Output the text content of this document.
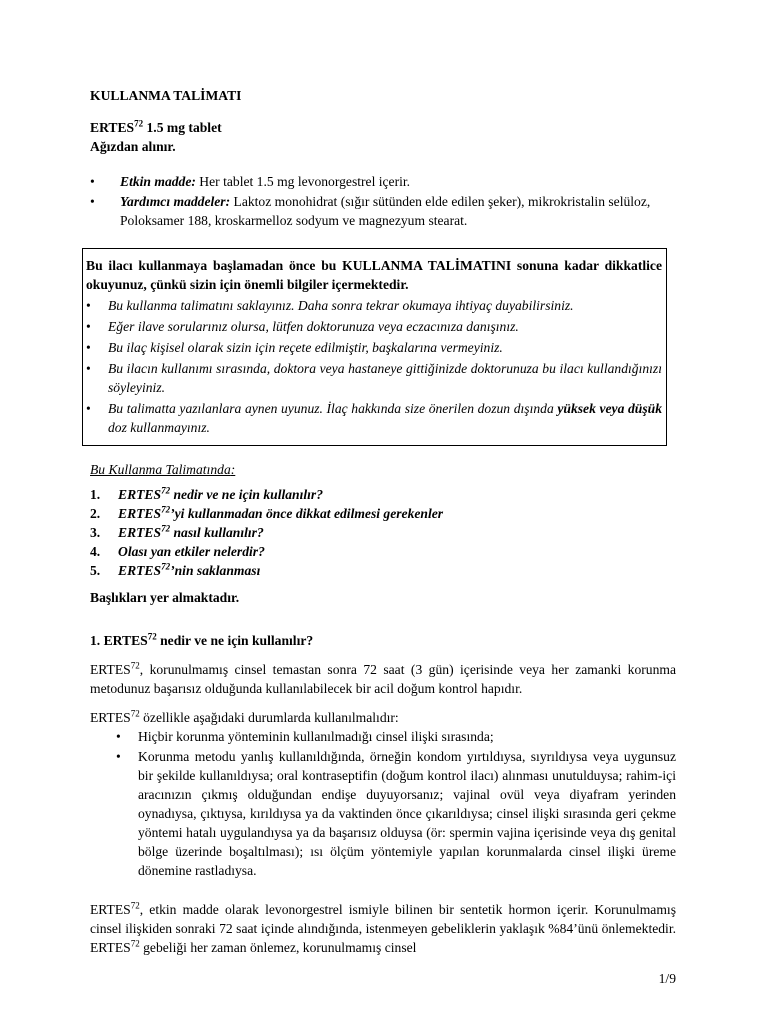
KULLANMA TALİMATI
ERTES$^{72}$ 1.5 mg tablet
Ağızdan alınır.
• Etkin madde: Her tablet 1.5 mg levonorgestrel içerir.
• Yardımcı maddeler: Laktoz monohidrat (sığır sütünden elde edilen şeker), mikrokristalin selüloz, Poloksamer 188, kroskarmelloz sodyum ve magnezyum stearat.
Bu ilacı kullanmaya başlamadan önce bu KULLANMA TALİMATINI sonuna kadar dikkatlice okuyunuz, çünkü sizin için önemli bilgiler içermektedir.
• Bu kullanma talimatını saklayınız. Daha sonra tekrar okumaya ihtiyaç duyabilirsiniz.
• Eğer ilave sorularınız olursa, lütfen doktorunuza veya eczacınıza danışınız.
• Bu ilaç kişisel olarak sizin için reçete edilmiştir, başkalarına vermeyiniz.
• Bu ilacın kullanımı sırasında, doktora veya hastaneye gittiğinizde doktorunuza bu ilacı kullandığınızı söyleyiniz.
• Bu talimatta yazılanlara aynen uyunuz. İlaç hakkında size önerilen dozun dışında yüksek veya düşük doz kullanmayınız.
Bu Kullanma Talimatında:
1. ERTES$^{72}$ nedir ve ne için kullanılır?
2. ERTES$^{72}$’yi kullanmadan önce dikkat edilmesi gerekenler
3. ERTES$^{72}$ nasıl kullanılır?
4. Olası yan etkiler nelerdir?
5. ERTES$^{72}$’nin saklanması
Başlıkları yer almaktadır.
1. ERTES$^{72}$ nedir ve ne için kullanılır?
ERTES$^{72}$, korunulmamış cinsel temastan sonra 72 saat (3 gün) içerisinde veya her zamanki korunma metodunuz başarısız olduğunda kullanılabilecek bir acil doğum kontrol hapıdır.
ERTES$^{72}$ özellikle aşağıdaki durumlarda kullanılmalıdır:
• Hiçbir korunma yönteminin kullanılmadığı cinsel ilişki sırasında;
• Korunma metodu yanlış kullanıldığında, örneğin kondom yırtıldıysa, sıyrıldıysa veya uygunsuz bir şekilde kullanıldıysa; oral kontraseptifin (doğum kontrol ilacı) alınması unutulduysa; rahim-içi aracınızın çıkmış olduğundan endişe duyuyorsanız; vajinal ovül veya diyafram yerinden oynadıysa, çıktıysa, kırıldıysa ya da vaktinden önce çıkarıldıysa; cinsel ilişki sırasında geri çekme yöntemi hatalı uygulandıysa ya da başarısız olduysa (ör: spermin vajina içerisinde veya dış genital bölge üzerinde boşaltılması); ısı ölçüm yöntemiyle yapılan korunmalarda cinsel ilişki üreme dönemine rastladıysa.
ERTES$^{72}$, etkin madde olarak levonorgestrel ismiyle bilinen bir sentetik hormon içerir. Korunulmamış cinsel ilişkiden sonraki 72 saat içinde alındığında, istenmeyen gebeliklerin yaklaşık %84’ünü önlemektedir. ERTES$^{72}$ gebeliği her zaman önlemez, korunulmamış cinsel
1/9
